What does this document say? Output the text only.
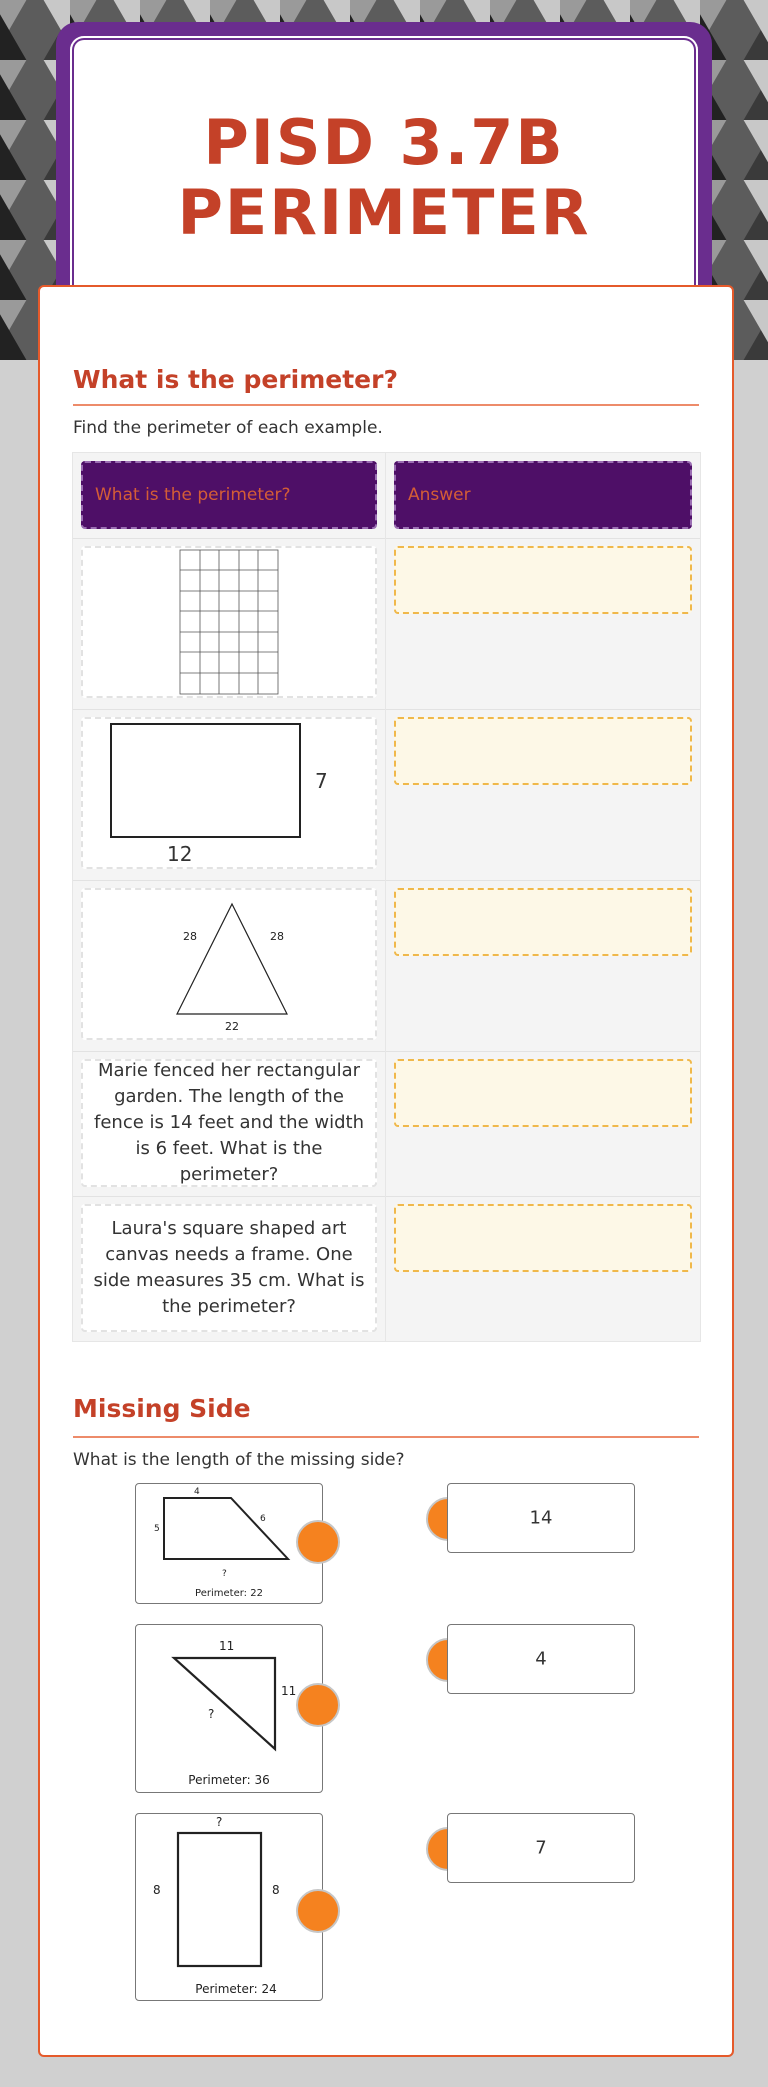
PISD 3.7B
PERIMETER
What is the perimeter?
Find the perimeter of each example.
What is the perimeter?
7
12
28	28
22
Marie fenced her rectangular garden. The length of the fence is 14 feet and the width is 6 feet. What is the perimeter?
Laura's square shaped art canvas needs a frame. One side measures 35 cm. What is the perimeter?
Answer
Missing Side
What is the length of the missing side?
4
5
6
?
Perimeter: 22
11
11
?
Perimeter: 36
?
8	8
Perimeter: 24
14
4
7
